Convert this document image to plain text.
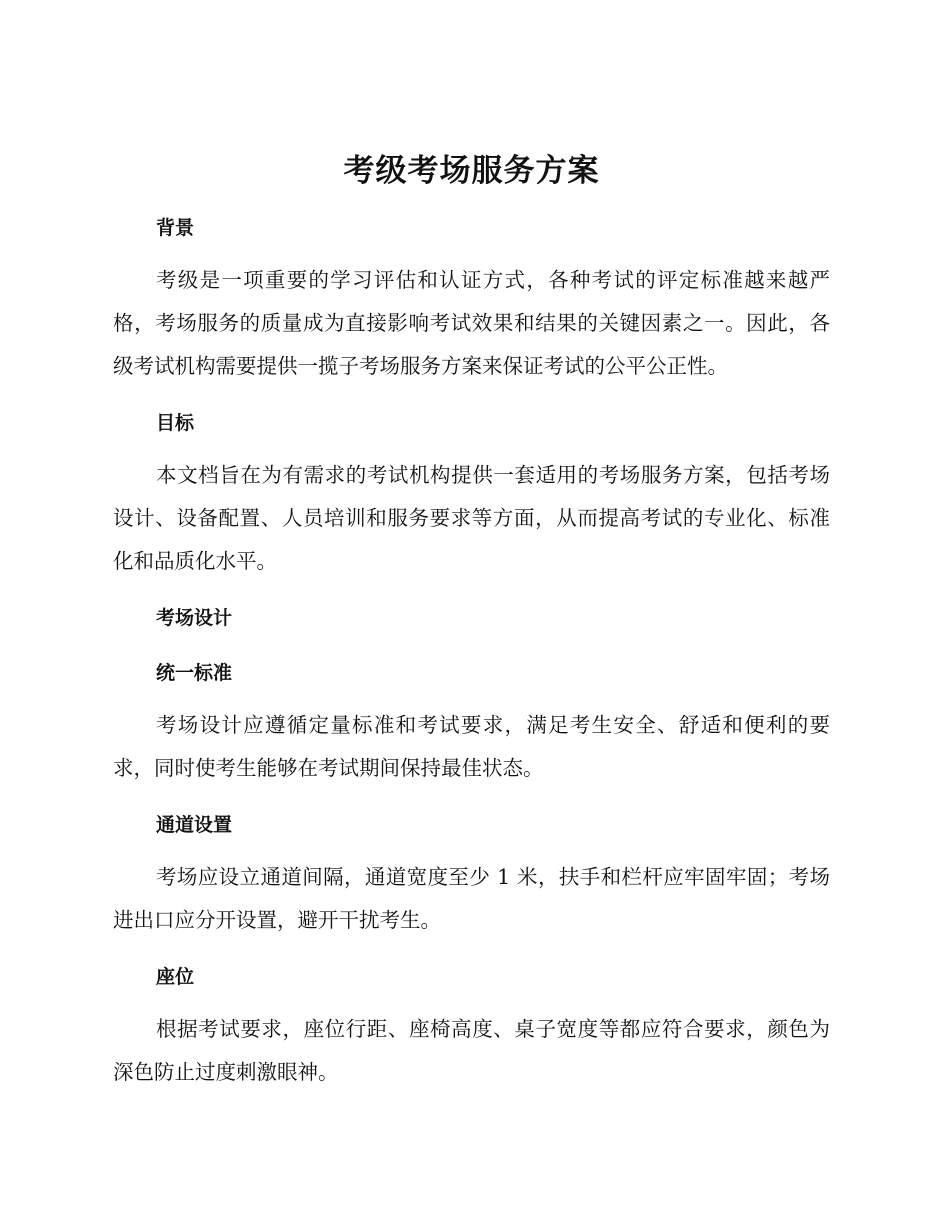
考级考场服务方案
背景

考级是一项重要的学习评估和认证方式，各种考试的评定标准越来越严格，考场服务的质量成为直接影响考试效果和结果的关键因素之一。因此，各级考试机构需要提供一揽子考场服务方案来保证考试的公平公正性。

目标

本文档旨在为有需求的考试机构提供一套适用的考场服务方案，包括考场设计、设备配置、人员培训和服务要求等方面，从而提高考试的专业化、标准化和品质化水平。

考场设计
统一标准

考场设计应遵循定量标准和考试要求，满足考生安全、舒适和便利的要求，同时使考生能够在考试期间保持最佳状态。

通道设置

考场应设立通道间隔，通道宽度至少 1 米，扶手和栏杆应牢固牢固；考场进出口应分开设置，避开干扰考生。

座位

根据考试要求，座位行距、座椅高度、桌子宽度等都应符合要求，颜色为深色防止过度刺激眼神。
